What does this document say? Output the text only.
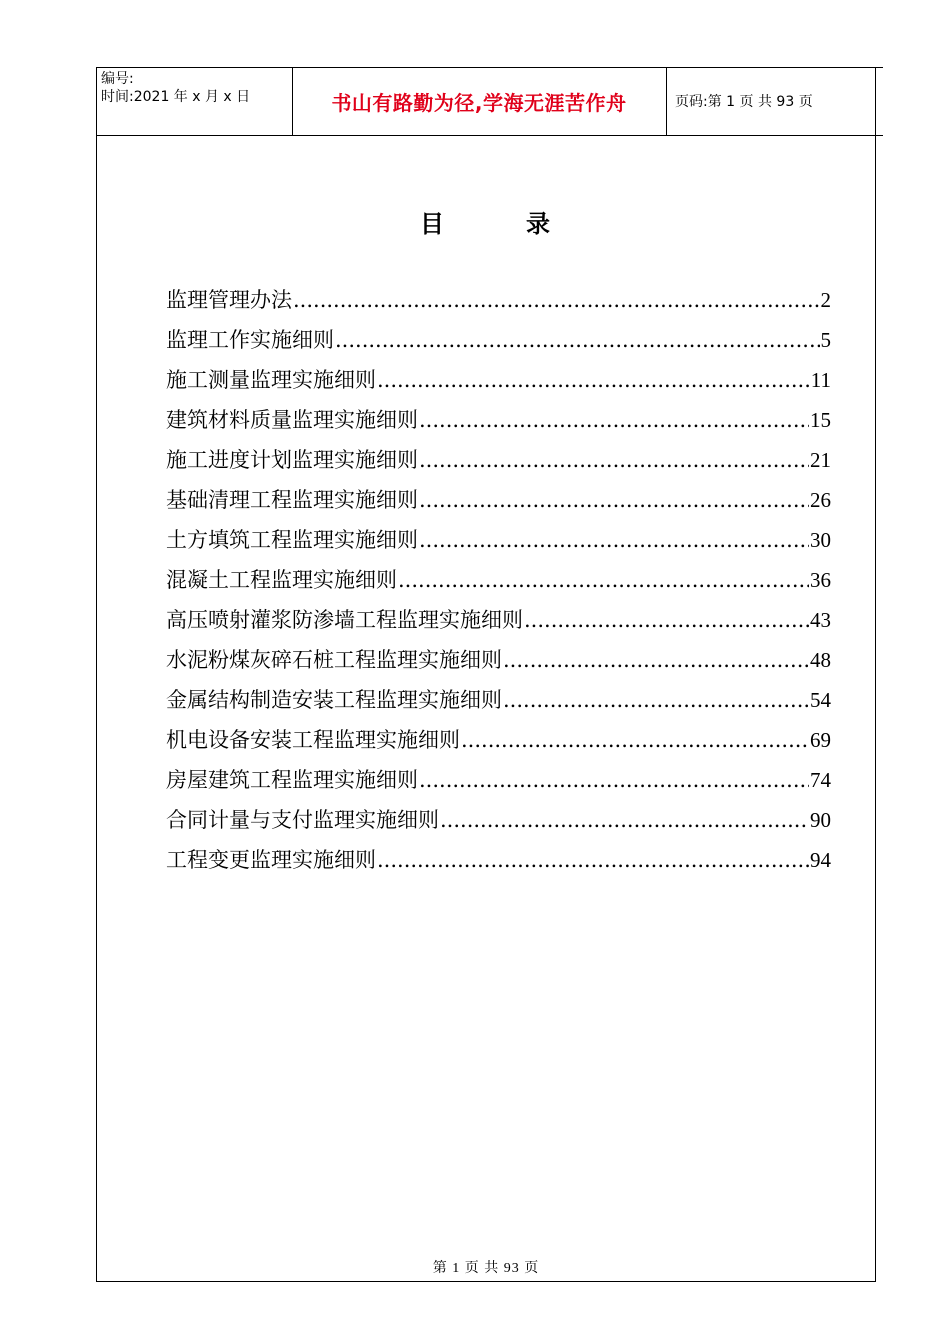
编号:
时间:2021 年 x 月 x 日	书山有路勤为径,学海无涯苦作舟	页码:第 1 页 共 93 页
目	录
监理管理办法 .....	2
监理工作实施细则 .....	5
施工测量监理实施细则 .....	11
建筑材料质量监理实施细则 .....	15
施工进度计划监理实施细则 .....	21
基础清理工程监理实施细则 .....	26
土方填筑工程监理实施细则 .....	30
混凝土工程监理实施细则 .....	36
高压喷射灌浆防渗墙工程监理实施细则 .....	43
水泥粉煤灰碎石桩工程监理实施细则 .....	48
金属结构制造安装工程监理实施细则 .....	54
机电设备安装工程监理实施细则 .....	69
房屋建筑工程监理实施细则 .....	74
合同计量与支付监理实施细则 .....	90
工程变更监理实施细则 .....	94
第 1 页 共 93 页
